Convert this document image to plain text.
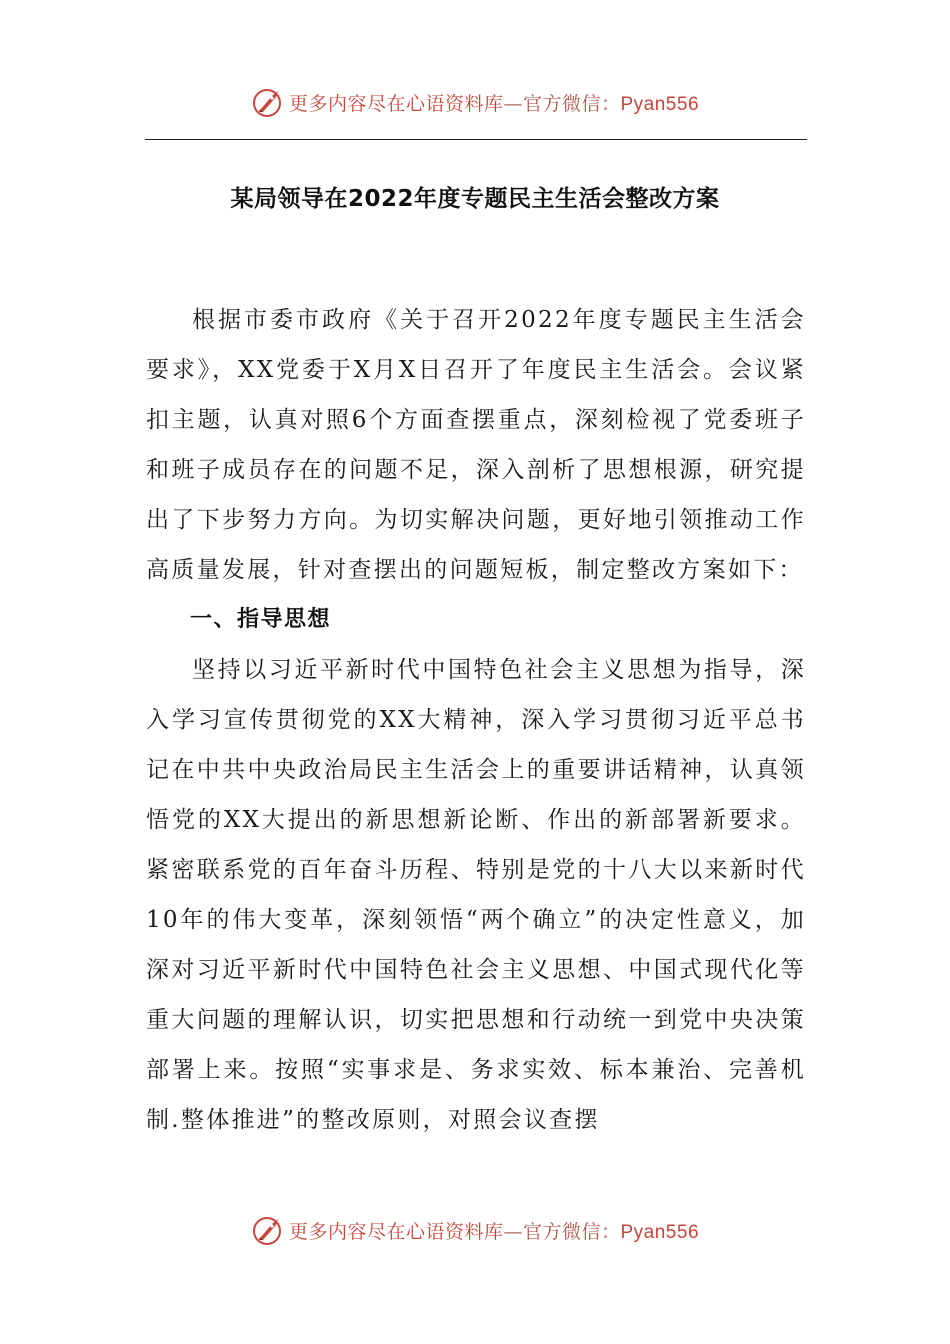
更多内容尽在心语资料库—官方微信：Pyan556
某局领导在2022年度专题民主生活会整改方案

根据市委市政府《关于召开2022年度专题民主生活会要求》，XX党委于X月X日召开了年度民主生活会。会议紧扣主题，认真对照6个方面查摆重点，深刻检视了党委班子和班子成员存在的问题不足，深入剖析了思想根源，研究提出了下步努力方向。为切实解决问题，更好地引领推动工作高质量发展，针对查摆出的问题短板，制定整改方案如下：

一、指导思想

坚持以习近平新时代中国特色社会主义思想为指导，深入学习宣传贯彻党的XX大精神，深入学习贯彻习近平总书记在中共中央政治局民主生活会上的重要讲话精神，认真领悟党的XX大提出的新思想新论断、作出的新部署新要求。紧密联系党的百年奋斗历程、特别是党的十八大以来新时代10年的伟大变革，深刻领悟“两个确立”的决定性意义，加深对习近平新时代中国特色社会主义思想、中国式现代化等重大问题的理解认识，切实把思想和行动统一到党中央决策部署上来。按照“实事求是、务求实效、标本兼治、完善机制.整体推进”的整改原则，对照会议查摆

更多内容尽在心语资料库—官方微信：Pyan556
